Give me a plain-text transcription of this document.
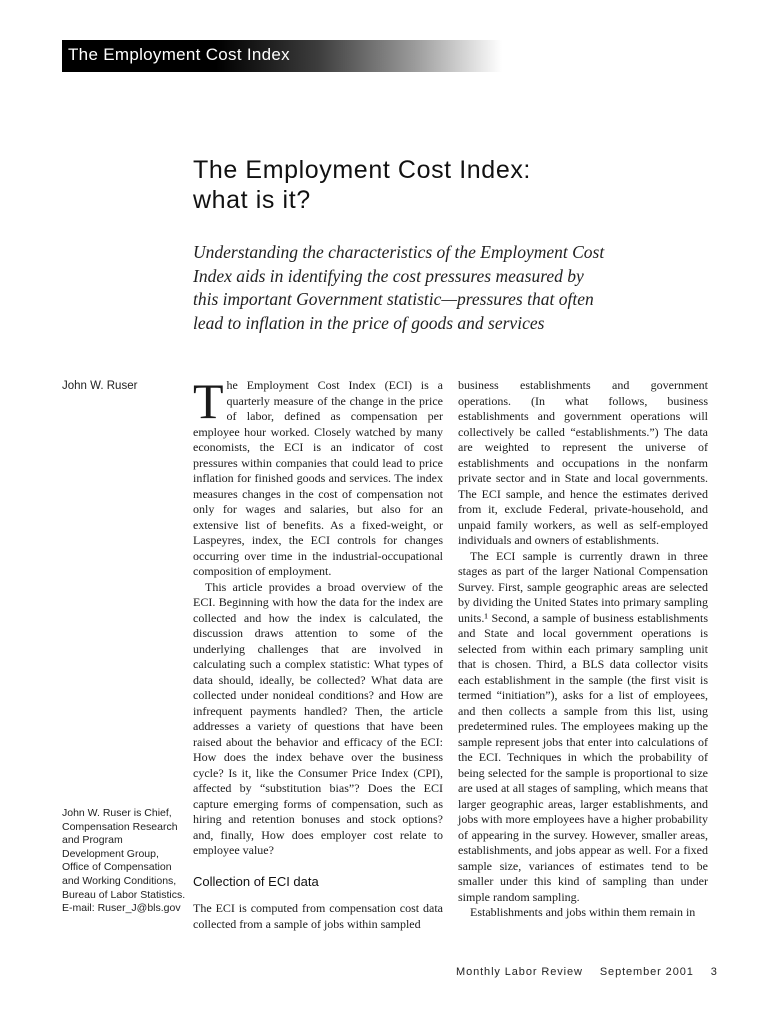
The Employment Cost Index
The Employment Cost Index:
what is it?

Understanding the characteristics of the Employment Cost Index aids in identifying the cost pressures measured by this important Government statistic—pressures that often lead to inflation in the price of goods and services

John W. Ruser
John W. Ruser is Chief, Compensation Research and Program Development Group, Office of Compensation and Working Conditions, Bureau of Labor Statistics. E-mail: Ruser_J@bls.gov

The Employment Cost Index (ECI) is a quarterly measure of the change in the price of labor, defined as compensation per employee hour worked. Closely watched by many economists, the ECI is an indicator of cost pressures within companies that could lead to price inflation for finished goods and services. The index measures changes in the cost of compensation not only for wages and salaries, but also for an extensive list of benefits. As a fixed-weight, or Laspeyres, index, the ECI controls for changes occurring over time in the industrial-occupational composition of employment.

This article provides a broad overview of the ECI. Beginning with how the data for the index are collected and how the index is calculated, the discussion draws attention to some of the underlying challenges that are involved in calculating such a complex statistic: What types of data should, ideally, be collected? What data are collected under nonideal conditions? and How are infrequent payments handled? Then, the article addresses a variety of questions that have been raised about the behavior and efficacy of the ECI: How does the index behave over the business cycle? Is it, like the Consumer Price Index (CPI), affected by “substitution bias”? Does the ECI capture emerging forms of compensation, such as hiring and retention bonuses and stock options? and, finally, How does employer cost relate to employee value?

Collection of ECI data

The ECI is computed from compensation cost data collected from a sample of jobs within sampled

business establishments and government operations. (In what follows, business establishments and government operations will collectively be called “establishments.”) The data are weighted to represent the universe of establishments and occupations in the nonfarm private sector and in State and local governments. The ECI sample, and hence the estimates derived from it, exclude Federal, private-household, and unpaid family workers, as well as self-employed individuals and owners of establishments.

The ECI sample is currently drawn in three stages as part of the larger National Compensation Survey. First, sample geographic areas are selected by dividing the United States into primary sampling units.¹ Second, a sample of business establishments and State and local government operations is selected from within each primary sampling unit that is chosen. Third, a BLS data collector visits each establishment in the sample (the first visit is termed “initiation”), asks for a list of employees, and then collects a sample from this list, using predetermined rules. The employees making up the sample represent jobs that enter into calculations of the ECI. Techniques in which the probability of being selected for the sample is proportional to size are used at all stages of sampling, which means that larger geographic areas, larger establishments, and jobs with more employees have a higher probability of appearing in the survey. However, smaller areas, establishments, and jobs appear as well. For a fixed sample size, variances of estimates tend to be smaller under this kind of sampling than under simple random sampling.

Establishments and jobs within them remain in

Monthly Labor Review September 2001 3
